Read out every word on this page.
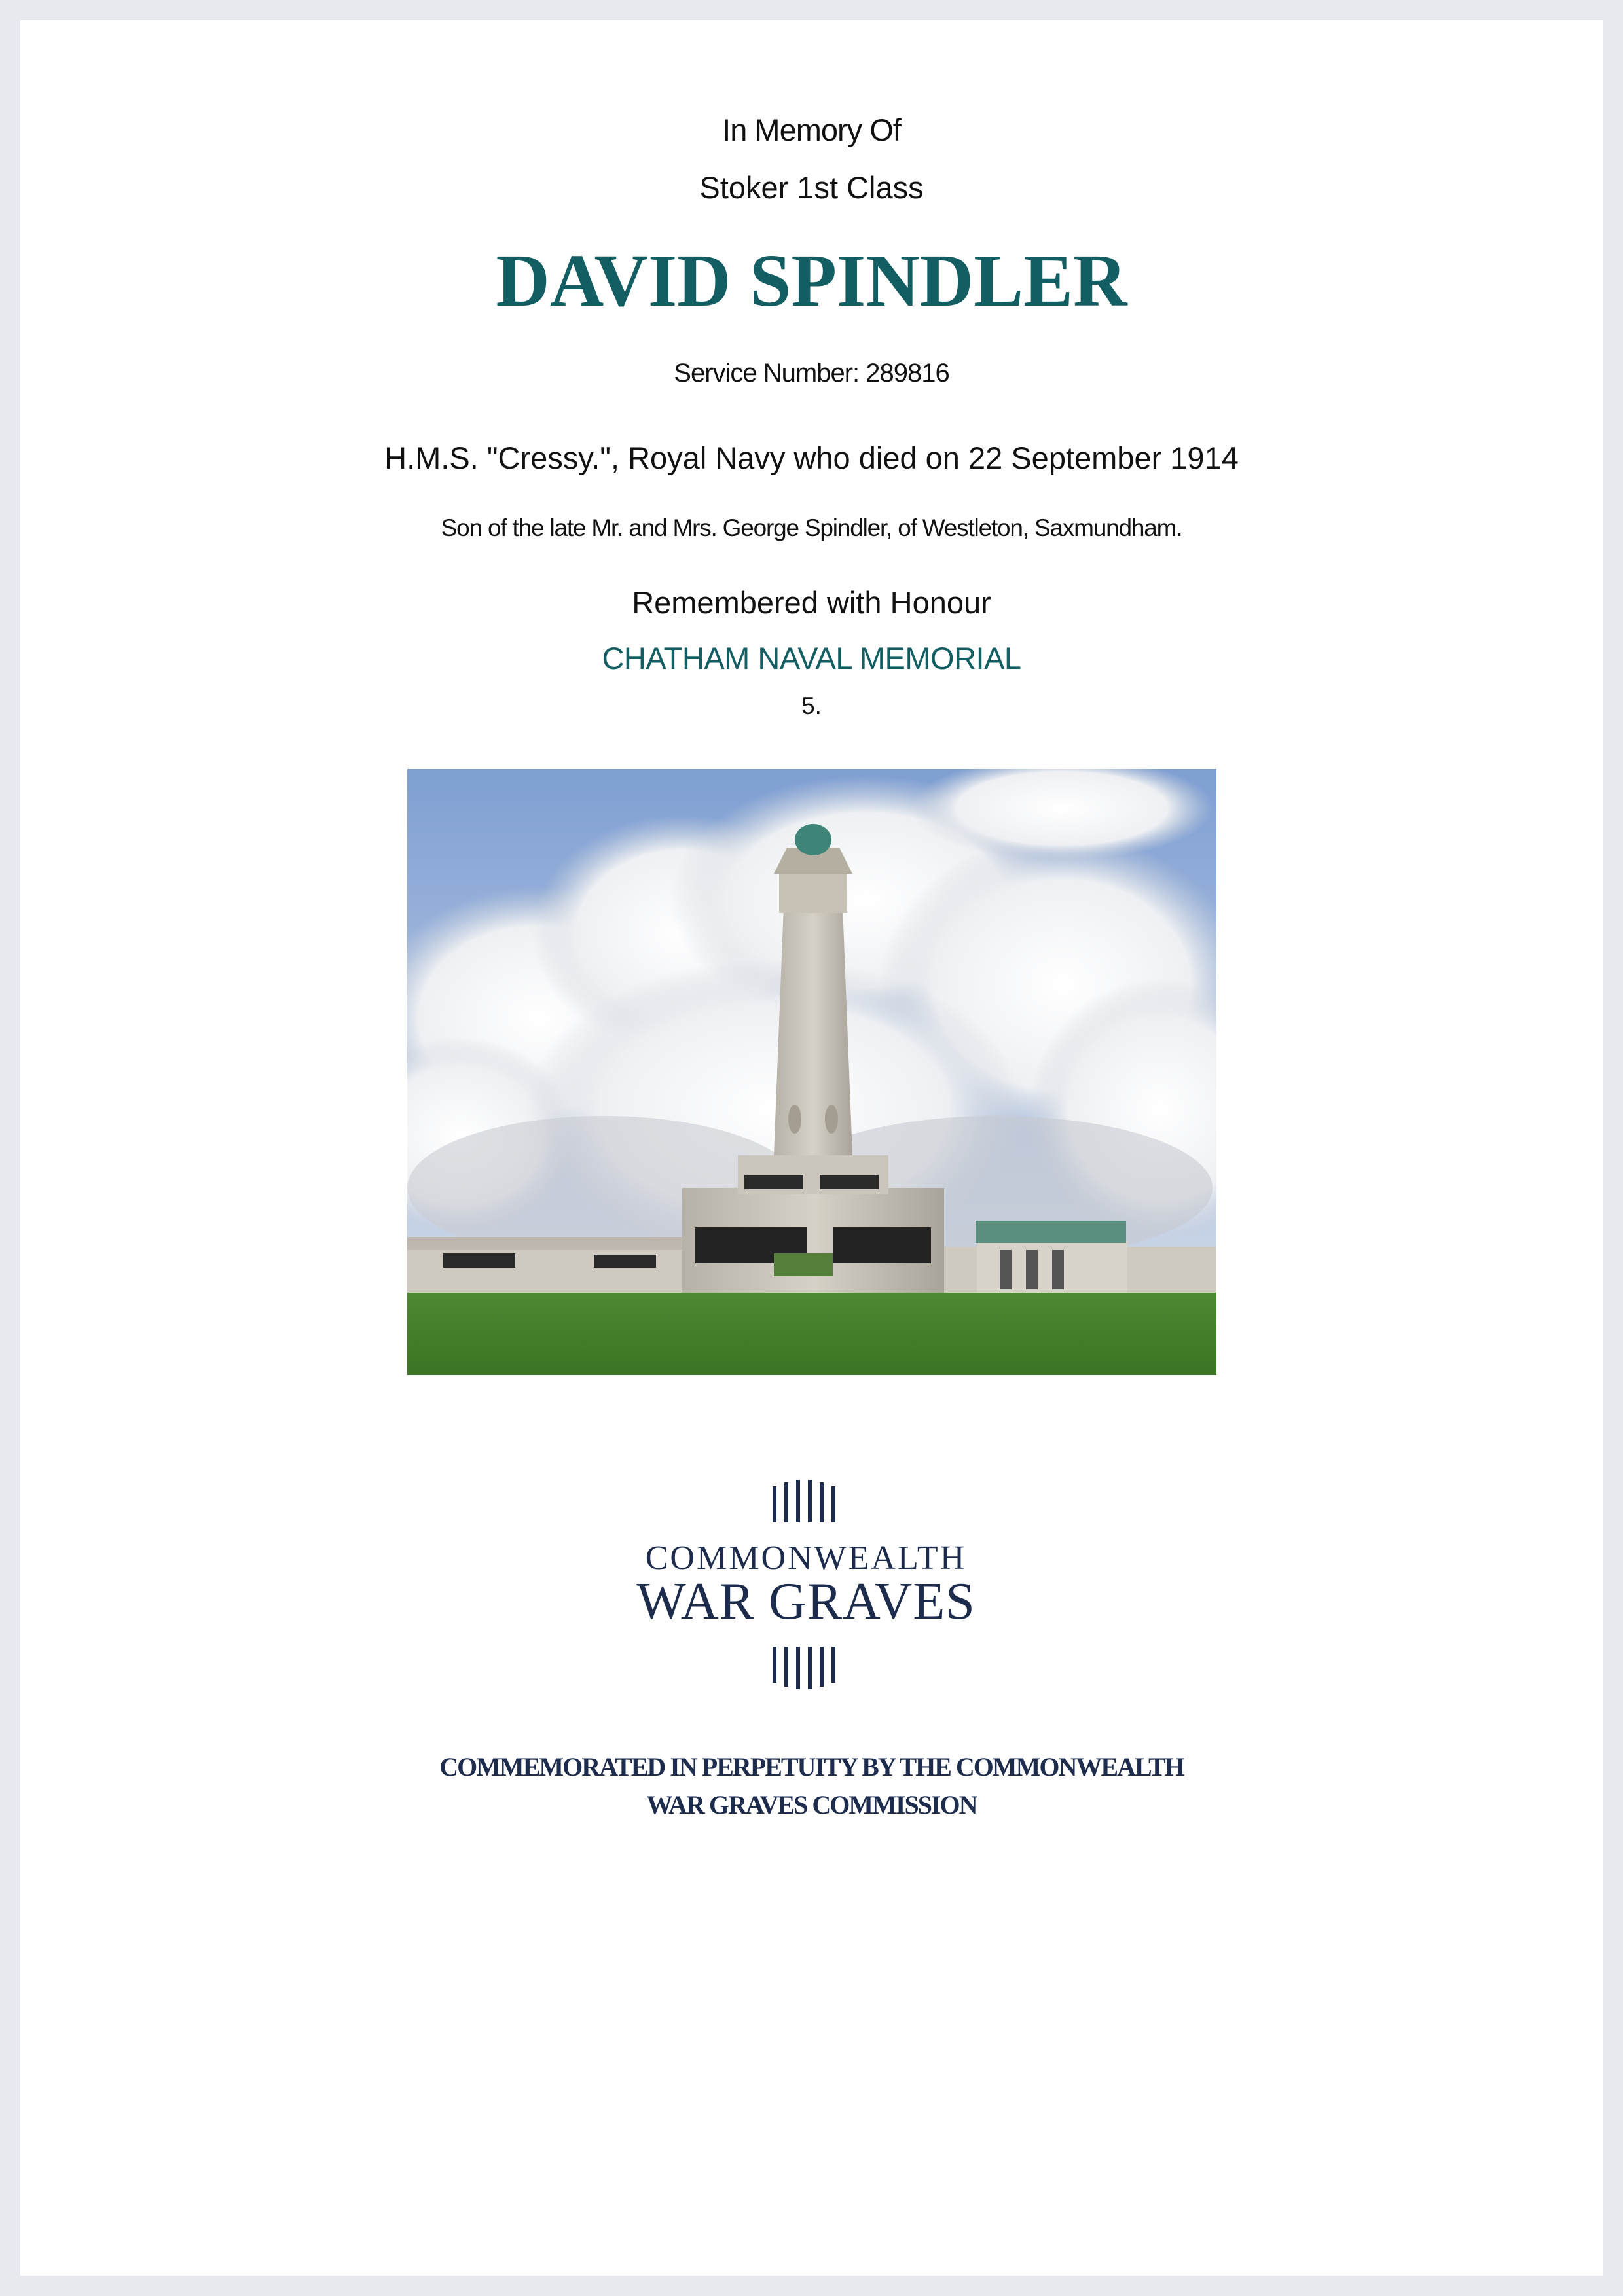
In Memory Of
Stoker 1st Class
DAVID SPINDLER
Service Number: 289816
H.M.S. "Cressy.", Royal Navy who died on 22 September 1914
Son of the late Mr. and Mrs. George Spindler, of Westleton, Saxmundham.
Remembered with Honour
CHATHAM NAVAL MEMORIAL
5.
COMMONWEALTH
WAR GRAVES
COMMEMORATED IN PERPETUITY BY THE COMMONWEALTH
WAR GRAVES COMMISSION
